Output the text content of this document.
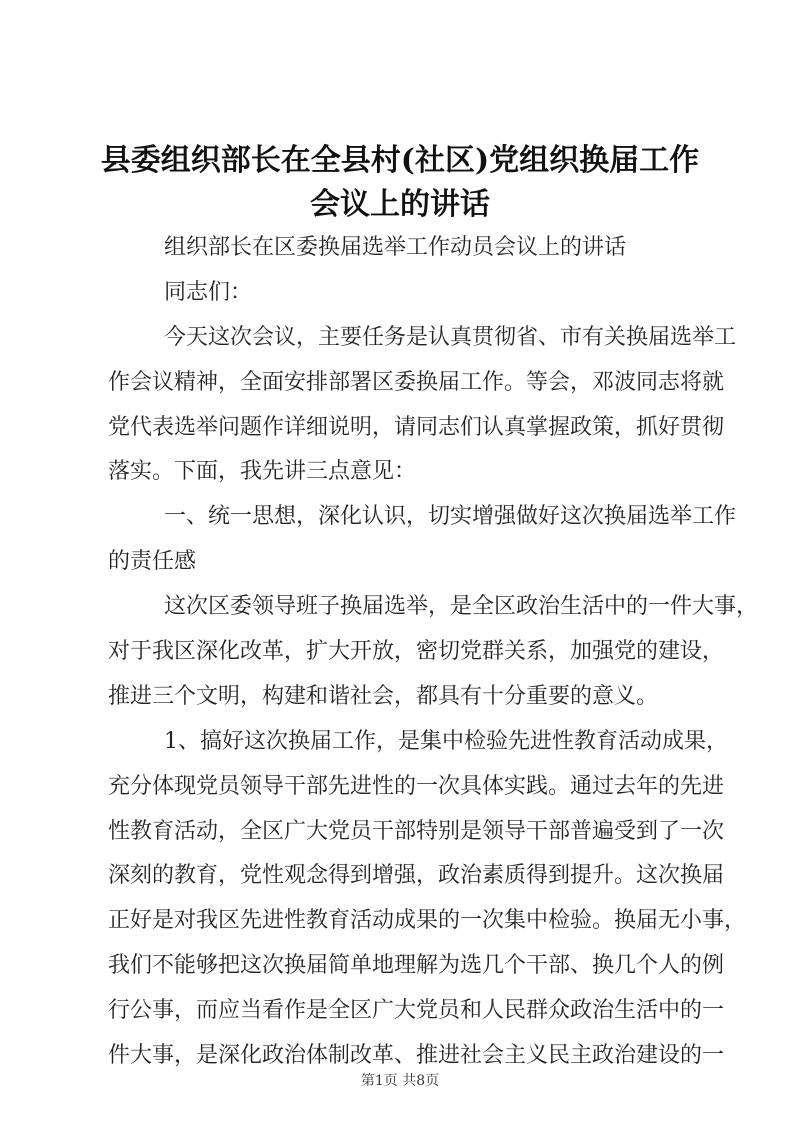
县委组织部长在全县村(社区)党组织换届工作
会议上的讲话
组织部长在区委换届选举工作动员会议上的讲话
同志们：
今天这次会议，主要任务是认真贯彻省、市有关换届选举工
作会议精神，全面安排部署区委换届工作。等会，邓波同志将就
党代表选举问题作详细说明，请同志们认真掌握政策，抓好贯彻
落实。下面，我先讲三点意见：
一、统一思想，深化认识，切实增强做好这次换届选举工作
的责任感
这次区委领导班子换届选举，是全区政治生活中的一件大事，
对于我区深化改革，扩大开放，密切党群关系，加强党的建设，
推进三个文明，构建和谐社会，都具有十分重要的意义。
1、搞好这次换届工作，是集中检验先进性教育活动成果，
充分体现党员领导干部先进性的一次具体实践。通过去年的先进
性教育活动，全区广大党员干部特别是领导干部普遍受到了一次
深刻的教育，党性观念得到增强，政治素质得到提升。这次换届
正好是对我区先进性教育活动成果的一次集中检验。换届无小事，
我们不能够把这次换届简单地理解为选几个干部、换几个人的例
行公事，而应当看作是全区广大党员和人民群众政治生活中的一
件大事，是深化政治体制改革、推进社会主义民主政治建设的一
第1页 共8页
